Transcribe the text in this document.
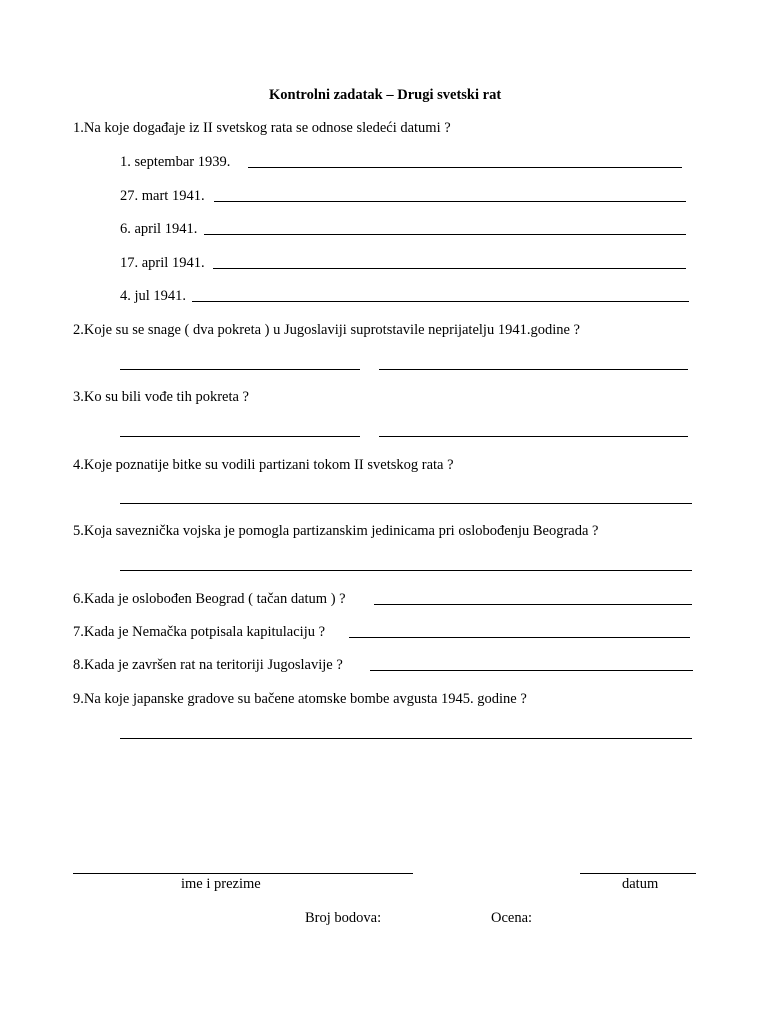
Kontrolni zadatak – Drugi svetski rat
1.Na koje događaje iz II svetskog rata se odnose sledeći datumi ?
1. septembar 1939.
27. mart 1941.
6. april 1941.
17. april 1941.
4. jul 1941.
2.Koje su se snage ( dva pokreta ) u Jugoslaviji suprotstavile neprijatelju 1941.godine ?
3.Ko su bili vođe tih pokreta ?
4.Koje poznatije bitke su vodili partizani tokom II svetskog rata ?
5.Koja saveznička vojska je pomogla partizanskim jedinicama pri oslobođenju Beograda ?
6.Kada je oslobođen Beograd ( tačan datum ) ?
7.Kada je Nemačka potpisala kapitulaciju ?
8.Kada je završen rat na teritoriji Jugoslavije ?
9.Na koje japanske gradove su bačene atomske bombe avgusta 1945. godine ?
ime i prezime	datum
Broj bodova:	Ocena:
